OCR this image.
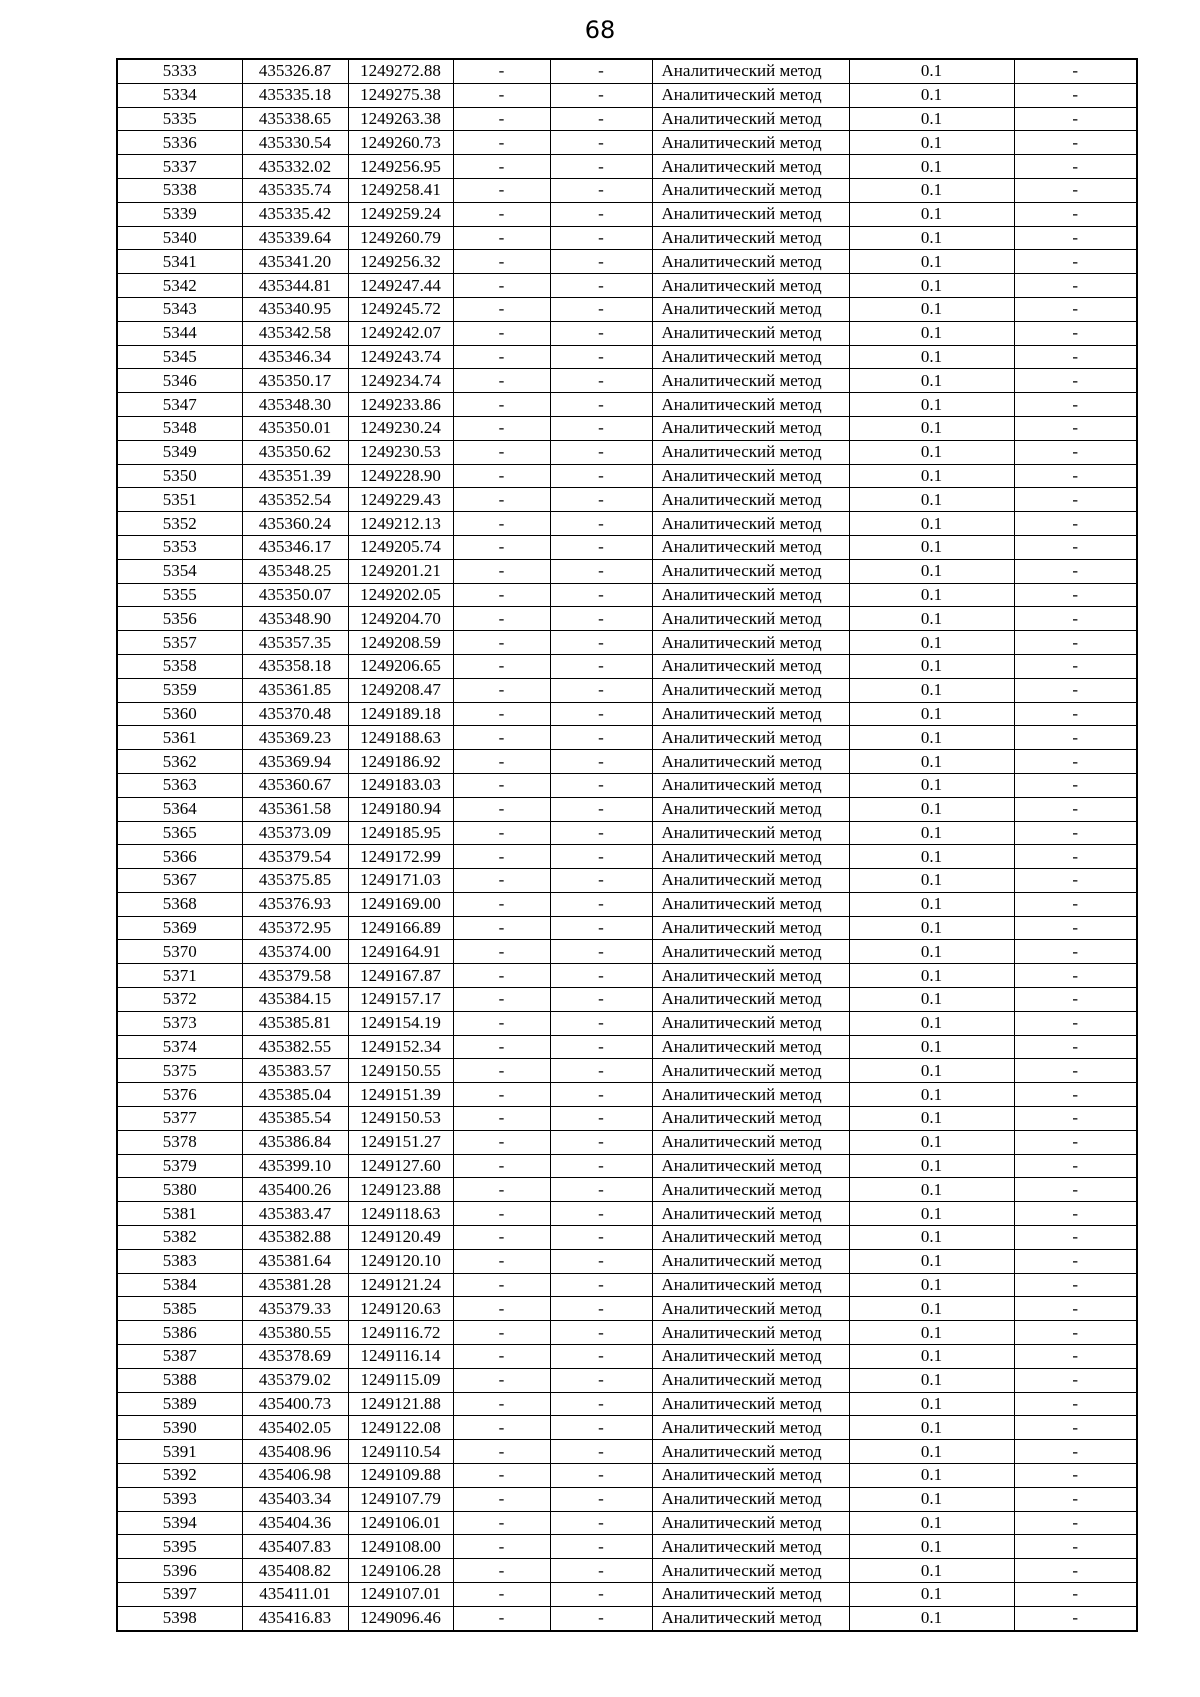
68
5333	435326.87	1249272.88	-	-	Аналитический метод	0.1	-
5334	435335.18	1249275.38	-	-	Аналитический метод	0.1	-
5335	435338.65	1249263.38	-	-	Аналитический метод	0.1	-
5336	435330.54	1249260.73	-	-	Аналитический метод	0.1	-
5337	435332.02	1249256.95	-	-	Аналитический метод	0.1	-
5338	435335.74	1249258.41	-	-	Аналитический метод	0.1	-
5339	435335.42	1249259.24	-	-	Аналитический метод	0.1	-
5340	435339.64	1249260.79	-	-	Аналитический метод	0.1	-
5341	435341.20	1249256.32	-	-	Аналитический метод	0.1	-
5342	435344.81	1249247.44	-	-	Аналитический метод	0.1	-
5343	435340.95	1249245.72	-	-	Аналитический метод	0.1	-
5344	435342.58	1249242.07	-	-	Аналитический метод	0.1	-
5345	435346.34	1249243.74	-	-	Аналитический метод	0.1	-
5346	435350.17	1249234.74	-	-	Аналитический метод	0.1	-
5347	435348.30	1249233.86	-	-	Аналитический метод	0.1	-
5348	435350.01	1249230.24	-	-	Аналитический метод	0.1	-
5349	435350.62	1249230.53	-	-	Аналитический метод	0.1	-
5350	435351.39	1249228.90	-	-	Аналитический метод	0.1	-
5351	435352.54	1249229.43	-	-	Аналитический метод	0.1	-
5352	435360.24	1249212.13	-	-	Аналитический метод	0.1	-
5353	435346.17	1249205.74	-	-	Аналитический метод	0.1	-
5354	435348.25	1249201.21	-	-	Аналитический метод	0.1	-
5355	435350.07	1249202.05	-	-	Аналитический метод	0.1	-
5356	435348.90	1249204.70	-	-	Аналитический метод	0.1	-
5357	435357.35	1249208.59	-	-	Аналитический метод	0.1	-
5358	435358.18	1249206.65	-	-	Аналитический метод	0.1	-
5359	435361.85	1249208.47	-	-	Аналитический метод	0.1	-
5360	435370.48	1249189.18	-	-	Аналитический метод	0.1	-
5361	435369.23	1249188.63	-	-	Аналитический метод	0.1	-
5362	435369.94	1249186.92	-	-	Аналитический метод	0.1	-
5363	435360.67	1249183.03	-	-	Аналитический метод	0.1	-
5364	435361.58	1249180.94	-	-	Аналитический метод	0.1	-
5365	435373.09	1249185.95	-	-	Аналитический метод	0.1	-
5366	435379.54	1249172.99	-	-	Аналитический метод	0.1	-
5367	435375.85	1249171.03	-	-	Аналитический метод	0.1	-
5368	435376.93	1249169.00	-	-	Аналитический метод	0.1	-
5369	435372.95	1249166.89	-	-	Аналитический метод	0.1	-
5370	435374.00	1249164.91	-	-	Аналитический метод	0.1	-
5371	435379.58	1249167.87	-	-	Аналитический метод	0.1	-
5372	435384.15	1249157.17	-	-	Аналитический метод	0.1	-
5373	435385.81	1249154.19	-	-	Аналитический метод	0.1	-
5374	435382.55	1249152.34	-	-	Аналитический метод	0.1	-
5375	435383.57	1249150.55	-	-	Аналитический метод	0.1	-
5376	435385.04	1249151.39	-	-	Аналитический метод	0.1	-
5377	435385.54	1249150.53	-	-	Аналитический метод	0.1	-
5378	435386.84	1249151.27	-	-	Аналитический метод	0.1	-
5379	435399.10	1249127.60	-	-	Аналитический метод	0.1	-
5380	435400.26	1249123.88	-	-	Аналитический метод	0.1	-
5381	435383.47	1249118.63	-	-	Аналитический метод	0.1	-
5382	435382.88	1249120.49	-	-	Аналитический метод	0.1	-
5383	435381.64	1249120.10	-	-	Аналитический метод	0.1	-
5384	435381.28	1249121.24	-	-	Аналитический метод	0.1	-
5385	435379.33	1249120.63	-	-	Аналитический метод	0.1	-
5386	435380.55	1249116.72	-	-	Аналитический метод	0.1	-
5387	435378.69	1249116.14	-	-	Аналитический метод	0.1	-
5388	435379.02	1249115.09	-	-	Аналитический метод	0.1	-
5389	435400.73	1249121.88	-	-	Аналитический метод	0.1	-
5390	435402.05	1249122.08	-	-	Аналитический метод	0.1	-
5391	435408.96	1249110.54	-	-	Аналитический метод	0.1	-
5392	435406.98	1249109.88	-	-	Аналитический метод	0.1	-
5393	435403.34	1249107.79	-	-	Аналитический метод	0.1	-
5394	435404.36	1249106.01	-	-	Аналитический метод	0.1	-
5395	435407.83	1249108.00	-	-	Аналитический метод	0.1	-
5396	435408.82	1249106.28	-	-	Аналитический метод	0.1	-
5397	435411.01	1249107.01	-	-	Аналитический метод	0.1	-
5398	435416.83	1249096.46	-	-	Аналитический метод	0.1	-
